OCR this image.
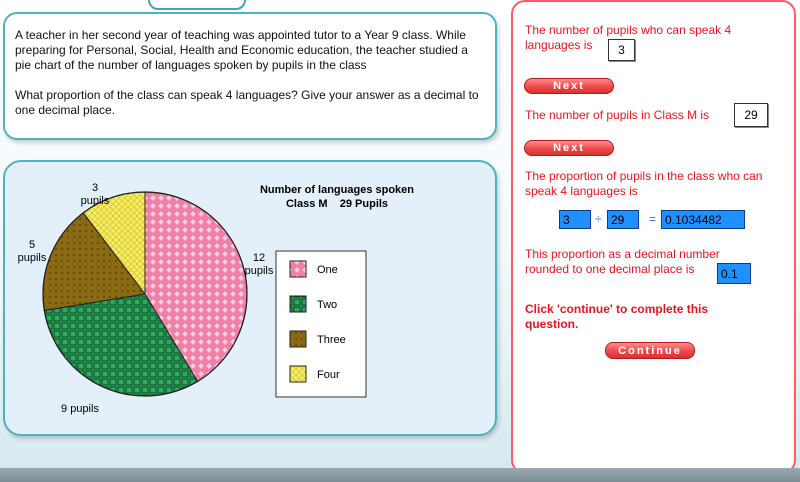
A teacher in her second year of teaching was appointed tutor to a Year 9 class. While preparing for Personal, Social, Health and Economic education, the teacher studied a pie chart of the number of languages spoken by pupils in the class

What proportion of the class can speak 4 languages? Give your answer as a decimal to one decimal place.

Number of languages spoken
Class M    29 Pupils
12
pupils
9 pupils
5
pupils
3
pupils
One
Two
Three
Four
The number of pupils who can speak 4 languages is	3
Next
The number of pupils in Class M is	29
Next
The proportion of pupils in the class who can speak 4 languages is
3	÷ 29	= 0.1034482
This proportion as a decimal number rounded to one decimal place is	0.1
Click 'continue' to complete this question.
Continue
